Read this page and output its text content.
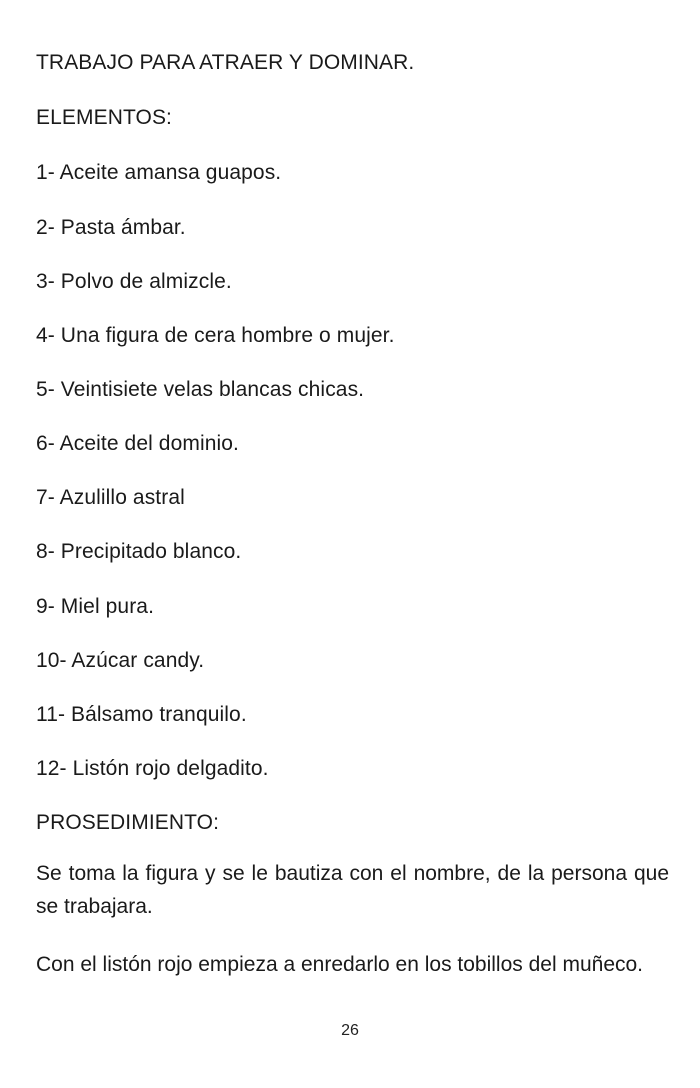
TRABAJO PARA ATRAER Y DOMINAR.
ELEMENTOS:
1- Aceite amansa guapos.
2- Pasta ámbar.
3- Polvo de almizcle.
4- Una figura de cera hombre o mujer.
5- Veintisiete velas blancas chicas.
6- Aceite del dominio.
7- Azulillo astral
8- Precipitado blanco.
9- Miel pura.
10- Azúcar candy.
11- Bálsamo tranquilo.
12- Listón rojo delgadito.
PROSEDIMIENTO:
Se toma la figura y se le bautiza con el nombre, de la persona que se trabajara.
Con el listón rojo empieza a enredarlo en los tobillos del muñeco.
26
